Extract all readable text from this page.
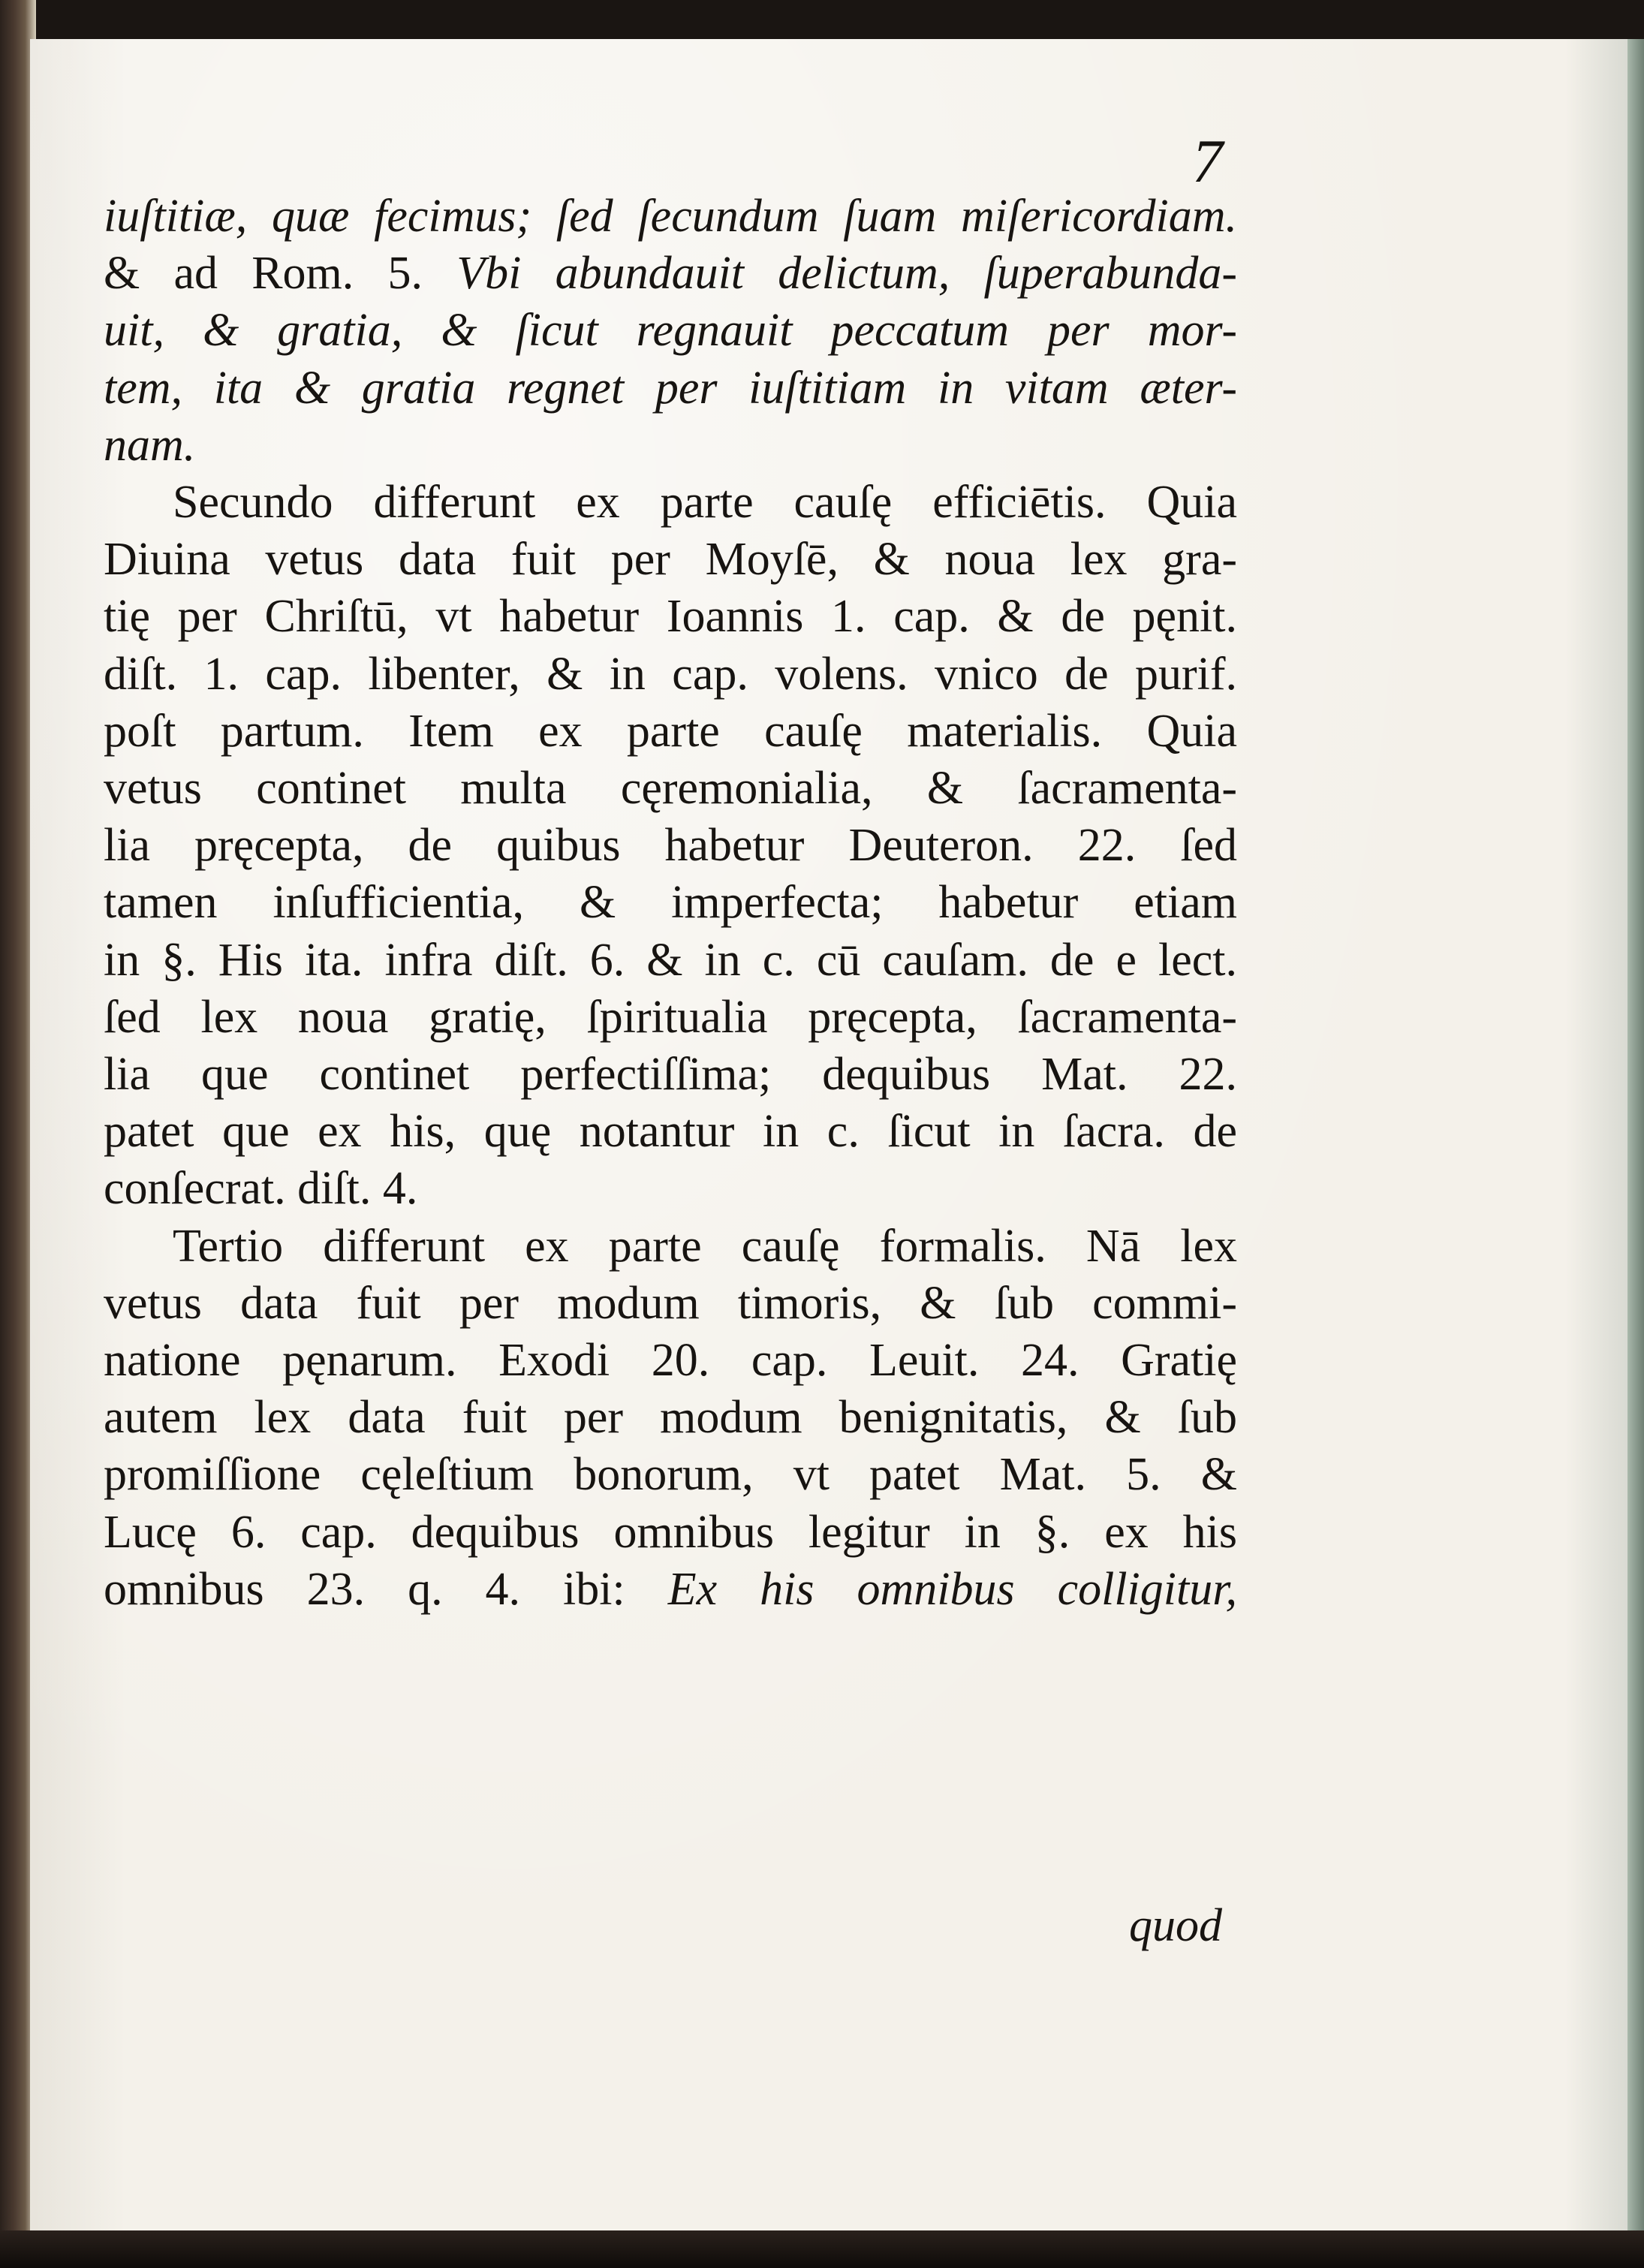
7

iuſtitiæ, quæ fecimus; ſed ſecundum ſuam miſericordiam.
& ad Rom. 5. Vbi abundauit delictum, ſuperabunda-
uit, & gratia, & ſicut regnauit peccatum per mor-
tem, ita & gratia regnet per iuſtitiam in vitam æter-
nam.
Secundo differunt ex parte cauſę efficiētis. Quia
Diuina vetus data fuit per Moyſē, & noua lex gra-
tię per Chriſtū, vt habetur Ioannis 1. cap. & de pęnit.
diſt. 1. cap. libenter, & in cap. volens. vnico de purif.
poſt partum. Item ex parte cauſę materialis. Quia
vetus continet multa cęremonialia, & ſacramenta-
lia pręcepta, de quibus habetur Deuteron. 22. ſed
tamen inſufficientia, & imperfecta; habetur etiam
in §. His ita. infra diſt. 6. & in c. cū cauſam. de e lect.
ſed lex noua gratię, ſpiritualia pręcepta, ſacramenta-
lia que continet perfectiſſima; dequibus Mat. 22.
patet que ex his, quę notantur in c. ſicut in ſacra. de
conſecrat. diſt. 4.
Tertio differunt ex parte cauſę formalis. Nā lex
vetus data fuit per modum timoris, & ſub commi-
natione pęnarum. Exodi 20. cap. Leuit. 24. Gratię
autem lex data fuit per modum benignitatis, & ſub
promiſſione cęleſtium bonorum, vt patet Mat. 5. &
Lucę 6. cap. dequibus omnibus legitur in §. ex his
omnibus 23. q. 4. ibi: Ex his omnibus colligitur,
quod
